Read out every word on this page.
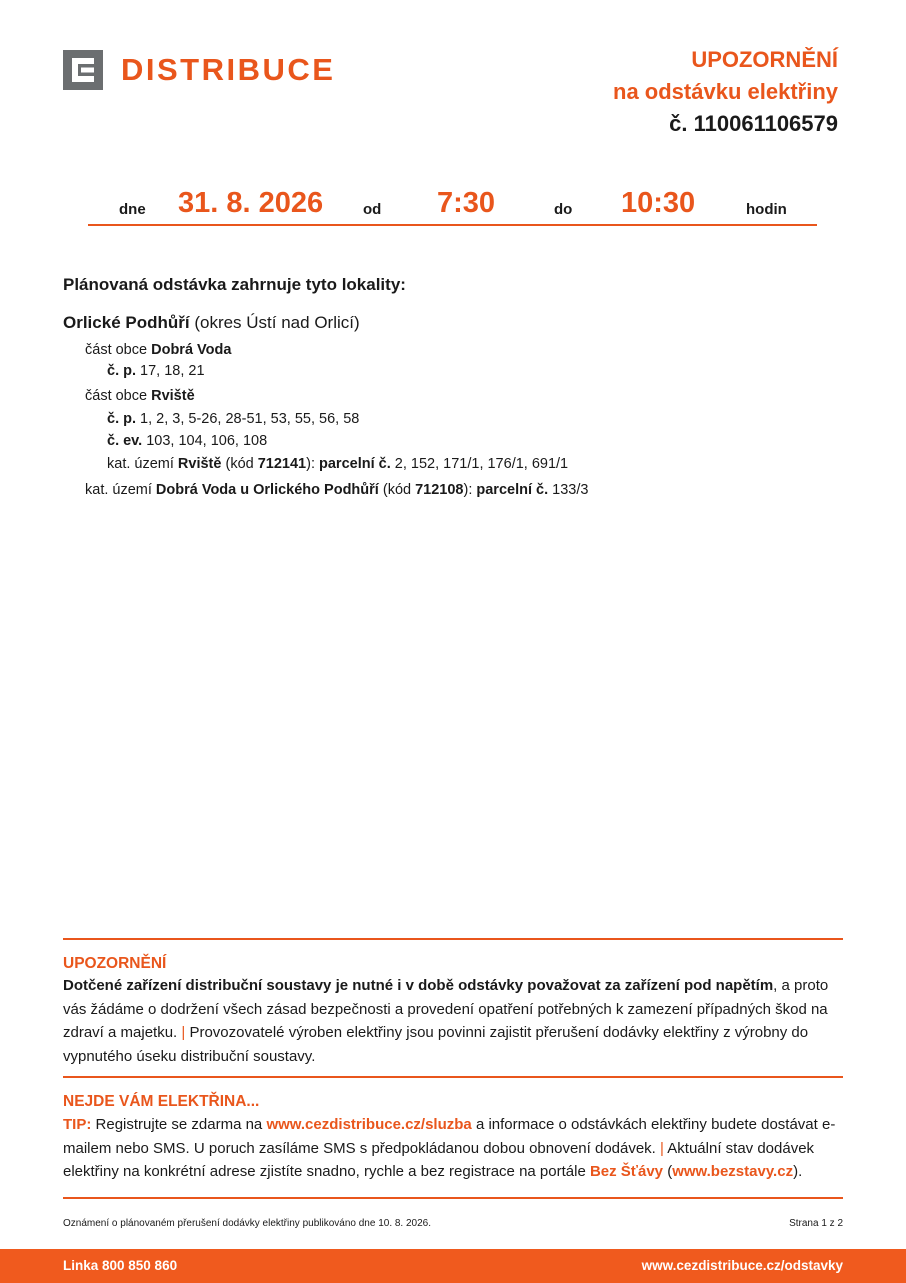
DISTRIBUCE	UPOZORNĚNÍ
na odstávku elektřiny
č. 110061106579
dne 31. 8. 2026	od 7:30	do 10:30	hodin
Plánovaná odstávka zahrnuje tyto lokality:
Orlické Podhůří (okres Ústí nad Orlicí)
část obce Dobrá Voda
č. p. 17, 18, 21
část obce Rviště
č. p. 1, 2, 3, 5-26, 28-51, 53, 55, 56, 58
č. ev. 103, 104, 106, 108
kat. území Rviště (kód 712141): parcelní č. 2, 152, 171/1, 176/1, 691/1
kat. území Dobrá Voda u Orlického Podhůří (kód 712108): parcelní č. 133/3
UPOZORNĚNÍ
Dotčené zařízení distribuční soustavy je nutné i v době odstávky považovat za zařízení pod napětím, a proto vás žádáme o dodržení všech zásad bezpečnosti a provedení opatření potřebných k zamezení případných škod na zdraví a majetku. | Provozovatelé výroben elektřiny jsou povinni zajistit přerušení dodávky elektřiny z výrobny do vypnutého úseku distribuční soustavy.
NEJDE VÁM ELEKTŘINA...
TIP: Registrujte se zdarma na www.cezdistribuce.cz/sluzba a informace o odstávkách elektřiny budete dostávat e-mailem nebo SMS. U poruch zasíláme SMS s předpokládanou dobou obnovení dodávek. | Aktuální stav dodávek elektřiny na konkrétní adrese zjistíte snadno, rychle a bez registrace na portále Bez Šťávy (www.bezstavy.cz).
Oznámení o plánovaném přerušení dodávky elektřiny publikováno dne 10. 8. 2026.	Strana 1 z 2
Linka 800 850 860	www.cezdistribuce.cz/odstavky
